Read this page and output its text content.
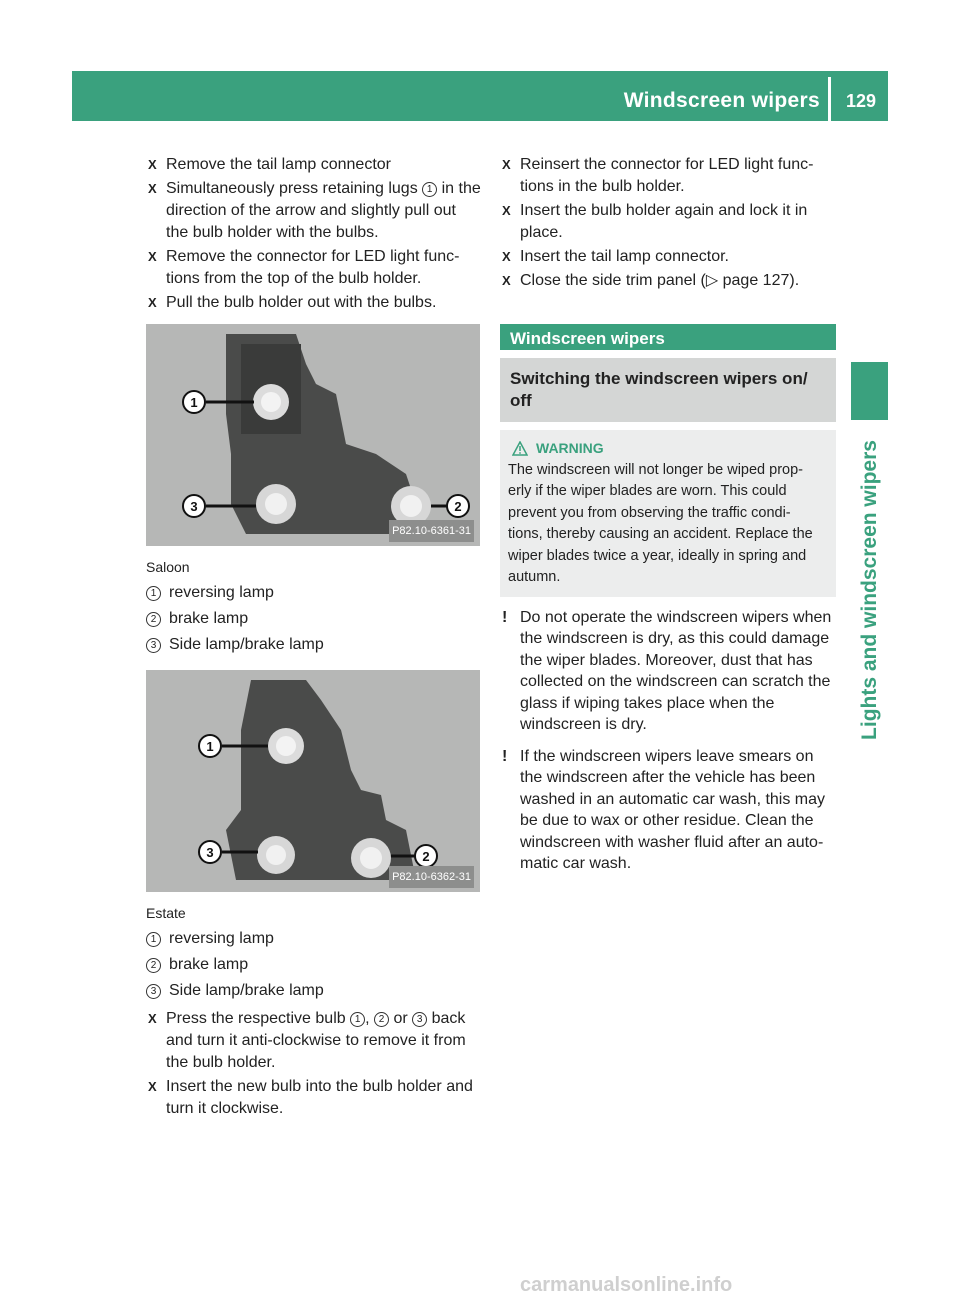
Windscreen wipers 129
Lights and windscreen wipers
X Remove the tail lamp connector
X Simultaneously press retaining lugs 1 in the direction of the arrow and slightly pull out the bulb holder with the bulbs.
X Remove the connector for LED light func- tions from the top of the bulb holder.
X Pull the bulb holder out with the bulbs.
1
3	2
P82.10-6361-31
Saloon
1 reversing lamp
2 brake lamp
3 Side lamp/brake lamp
1
3	2
P82.10-6362-31
Estate
1 reversing lamp
2 brake lamp
3 Side lamp/brake lamp
X Press the respective bulb 1 , 2 or 3 back and turn it anti-clockwise to remove it from the bulb holder.
X Insert the new bulb into the bulb holder and turn it clockwise.
X Reinsert the connector for LED light func- tions in the bulb holder.
X Insert the bulb holder again and lock it in place.
X Insert the tail lamp connector.
X Close the side trim panel (▷ page 127).
Windscreen wipers
Switching the windscreen wipers on/ off
WARNING
The windscreen will not longer be wiped prop- erly if the wiper blades are worn. This could prevent you from observing the traffic condi- tions, thereby causing an accident. Replace the wiper blades twice a year, ideally in spring and autumn.
! Do not operate the windscreen wipers when the windscreen is dry, as this could damage the wiper blades. Moreover, dust that has collected on the windscreen can scratch the glass if wiping takes place when the windscreen is dry.
! If the windscreen wipers leave smears on the windscreen after the vehicle has been washed in an automatic car wash, this may be due to wax or other residue. Clean the windscreen with washer fluid after an auto- matic car wash.
carmanualsonline.info
